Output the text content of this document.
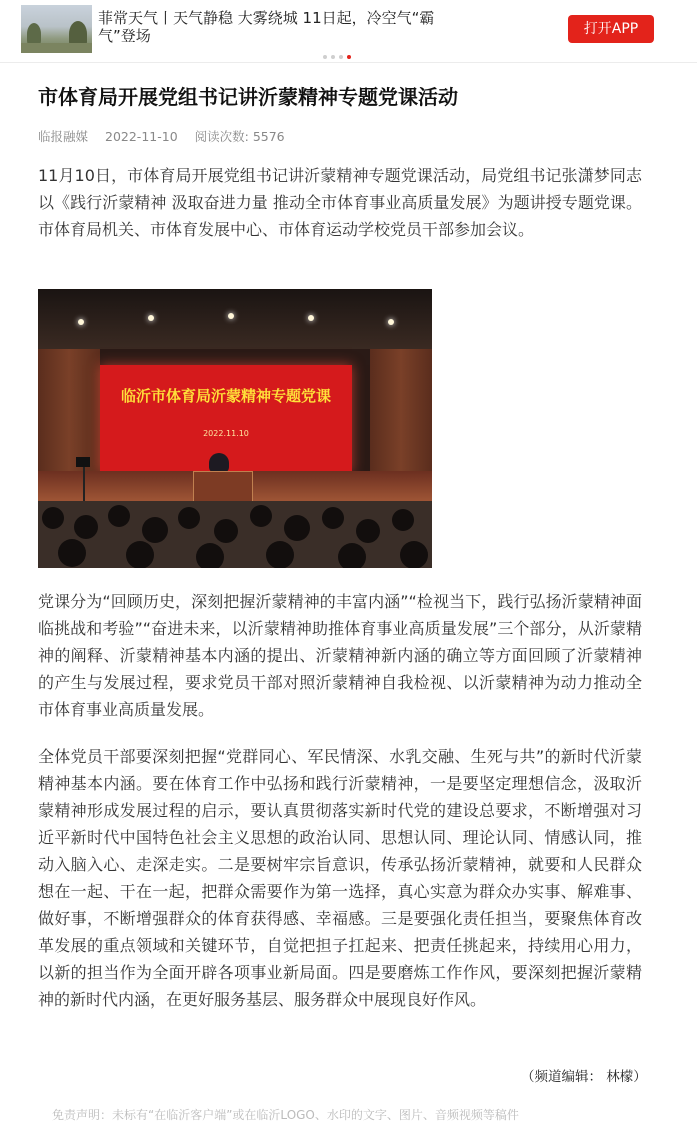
菲常天气丨天气静稳 大雾绕城 11日起，冷空气“霸气”登场	打开APP
市体育局开展党组书记讲沂蒙精神专题党课活动
临报融媒 2022-11-10 阅读次数: 5576

11月10日，市体育局开展党组书记讲沂蒙精神专题党课活动，局党组书记张潇梦同志以《践行沂蒙精神 汲取奋进力量 推动全市体育事业高质量发展》为题讲授专题党课。市体育局机关、市体育发展中心、市体育运动学校党员干部参加会议。

临沂市体育局沂蒙精神专题党课
2022.11.10

党课分为“回顾历史，深刻把握沂蒙精神的丰富内涵”“检视当下，践行弘扬沂蒙精神面临挑战和考验”“奋进未来，以沂蒙精神助推体育事业高质量发展”三个部分，从沂蒙精神的阐释、沂蒙精神基本内涵的提出、沂蒙精神新内涵的确立等方面回顾了沂蒙精神的产生与发展过程，要求党员干部对照沂蒙精神自我检视、以沂蒙精神为动力推动全市体育事业高质量发展。

全体党员干部要深刻把握“党群同心、军民情深、水乳交融、生死与共”的新时代沂蒙精神基本内涵。要在体育工作中弘扬和践行沂蒙精神，一是要坚定理想信念，汲取沂蒙精神形成发展过程的启示，要认真贯彻落实新时代党的建设总要求，不断增强对习近平新时代中国特色社会主义思想的政治认同、思想认同、理论认同、情感认同，推动入脑入心、走深走实。二是要树牢宗旨意识，传承弘扬沂蒙精神，就要和人民群众想在一起、干在一起，把群众需要作为第一选择，真心实意为群众办实事、解难事、做好事，不断增强群众的体育获得感、幸福感。三是要强化责任担当，要聚焦体育改革发展的重点领域和关键环节，自觉把担子扛起来、把责任挑起来，持续用心用力，以新的担当作为全面开辟各项事业新局面。四是要磨炼工作作风，要深刻把握沂蒙精神的新时代内涵，在更好服务基层、服务群众中展现良好作风。

（频道编辑： 林檬）
免责声明：未标有“在临沂客户端”或在临沂LOGO、水印的文字、图片、音频视频等稿件
